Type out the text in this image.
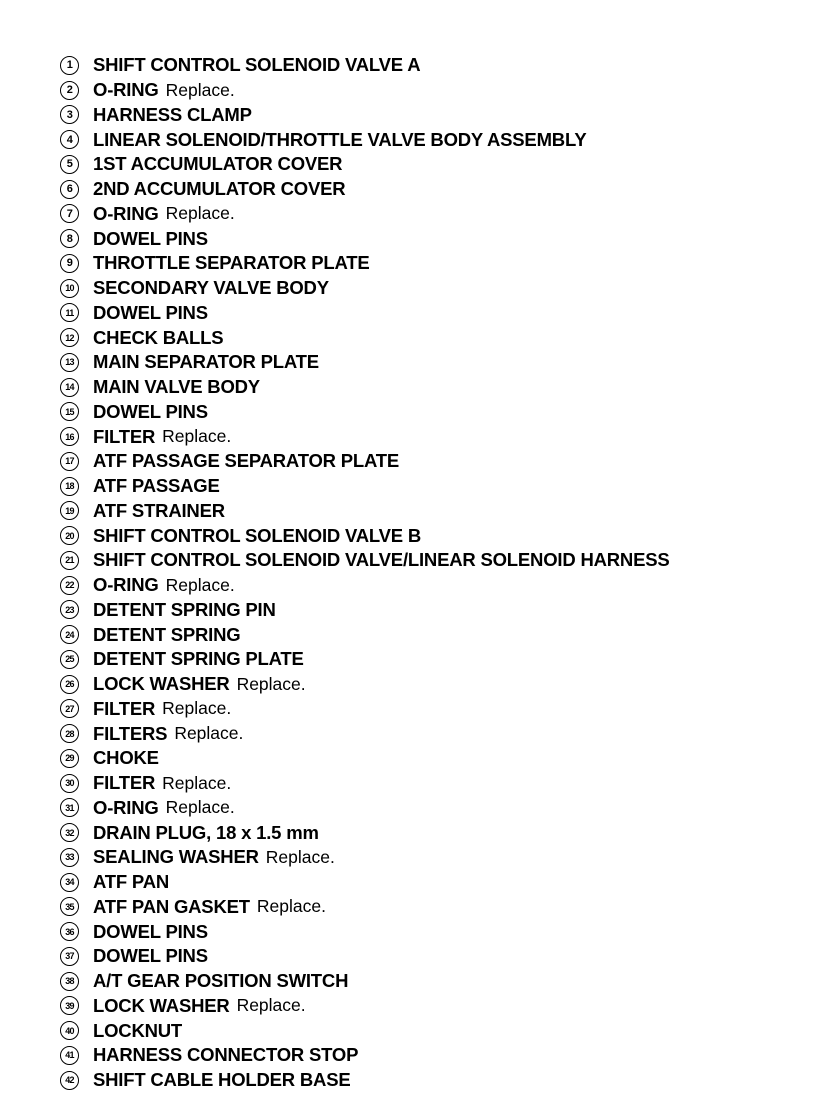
1	SHIFT CONTROL SOLENOID VALVE A
2	O-RING Replace.
3	HARNESS CLAMP
4	LINEAR SOLENOID/THROTTLE VALVE BODY ASSEMBLY
5	1ST ACCUMULATOR COVER
6	2ND ACCUMULATOR COVER
7	O-RING Replace.
8	DOWEL PINS
9	THROTTLE SEPARATOR PLATE
10 SECONDARY VALVE BODY
11 DOWEL PINS
12 CHECK BALLS
13 MAIN SEPARATOR PLATE
14 MAIN VALVE BODY
15 DOWEL PINS
16 FILTER Replace.
17 ATF PASSAGE SEPARATOR PLATE
18 ATF PASSAGE
19 ATF STRAINER
20 SHIFT CONTROL SOLENOID VALVE B
21 SHIFT CONTROL SOLENOID VALVE/LINEAR SOLENOID HARNESS
22 O-RING Replace.
23 DETENT SPRING PIN
24 DETENT SPRING
25 DETENT SPRING PLATE
26 LOCK WASHER Replace.
27 FILTER Replace.
28 FILTERS Replace.
29 CHOKE
30 FILTER Replace.
31 O-RING Replace.
32 DRAIN PLUG, 18 x 1.5 mm
33 SEALING WASHER Replace.
34 ATF PAN
35 ATF PAN GASKET Replace.
36 DOWEL PINS
37 DOWEL PINS
38 A/T GEAR POSITION SWITCH
39 LOCK WASHER Replace.
40 LOCKNUT
41 HARNESS CONNECTOR STOP
42 SHIFT CABLE HOLDER BASE
